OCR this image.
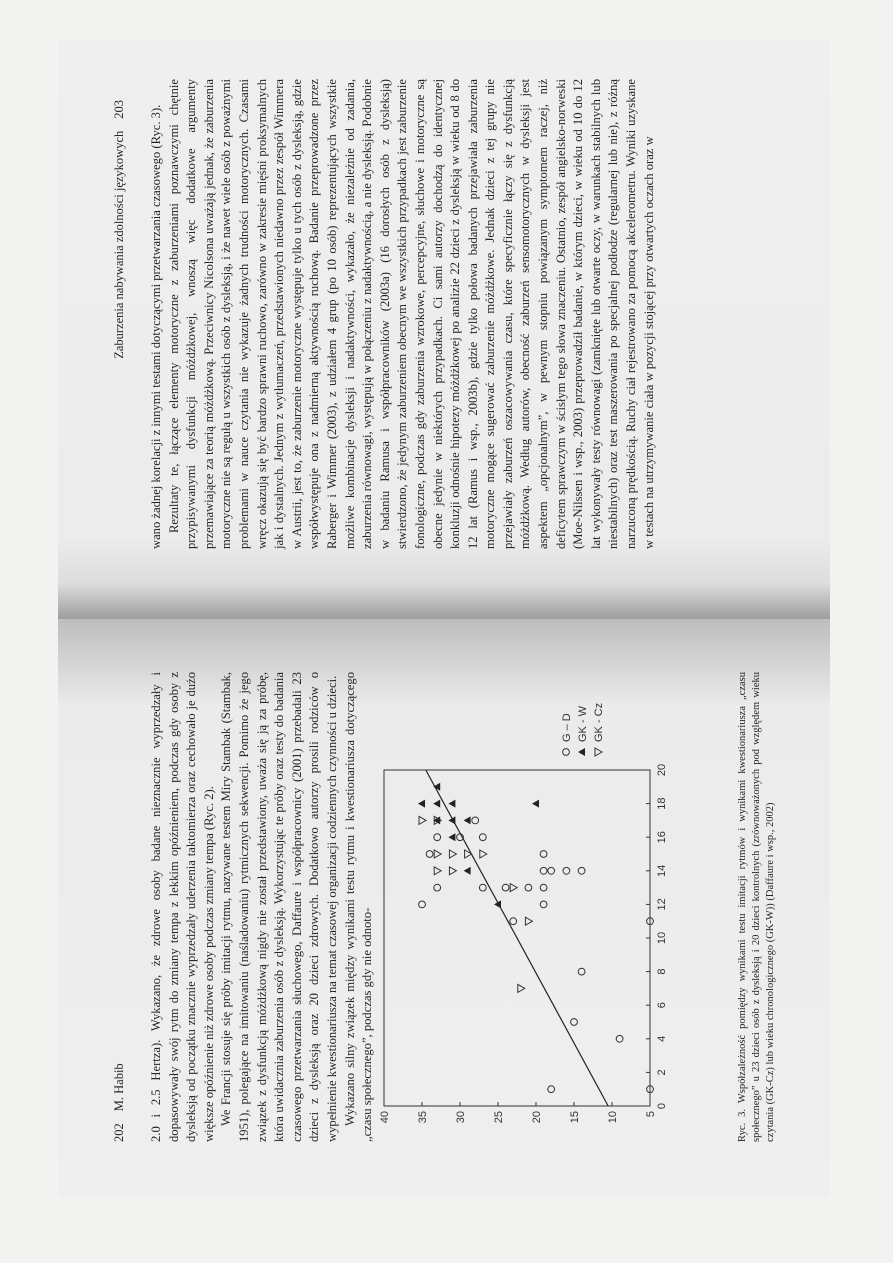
202M. Habib 2.0 i 2.5 Hertza). Wykazano, że zdrowe osoby badane nieznacznie wyprzedzały i dopasowywały swój rytm do zmiany tempa z lekkim opóźnieniem, podczas gdy osoby z dysleksją od początku znacznie wyprzedzały uderzenia taktomierza oraz cechowało je dużo większe opóźnienie niż zdrowe osoby podczas zmiany tempa (Ryc. 2). We Francji stosuje się próby imitacji rytmu, nazywane testem Miry Stambak (Stambak, 1951), polegające na imitowaniu (naśladowaniu) rytmicznych sekwencji. Pomimo że jego związek z dysfunkcją móżdżkową nigdy nie został przedstawiony, uważa się ją za próbę, która uwidacznia zaburzenia osób z dysleksją. Wykorzystując te próby oraz testy do badania czasowego przetwarzania słuchowego, Daffaure i współpracownicy (2001) przebadali 23 dzieci z dysleksją oraz 20 dzieci zdrowych. Dodatkowo autorzy prosili rodziców o wypełnienie kwestionariusza na temat czasowej organizacji codziennych czynności u dzieci. Wykazano silny związek między wynikami testu rytmu i kwestionariusza dotyczącego „czasu społecznego”, podczas gdy nie odnoto-	0
2
4
6
8
10
12
14
16
18
20
5
10
15
20
25
30
35
40
G – D GK - W GK - Cz	Ryc. 3. Współzależność pomiędzy wynikami testu imitacji rytmów i wynikami kwestionariusza „czasu społecznego” u 23 dzieci osób z dysleksją i 20 dzieci kontrolnych (zrównoważonych pod względem wieku czytania (GK-Cz) lub wieku chronologicznego (GK-W)) (Daffaure i wsp., 2002)
Zaburzenia nabywania zdolności językowych203 wano żadnej korelacji z innymi testami dotyczącymi przetwarzania czasowego (Ryc. 3). Rezultaty te, łączące elementy motoryczne z zaburzeniami poznawczymi chętnie przypisywanymi dysfunkcji móżdżkowej, wnoszą więc dodatkowe argumenty przemawiające za teorią móżdżkową. Przeciwnicy Nicolsona uważają jednak, że zaburzenia motoryczne nie są regułą u wszystkich osób z dysleksją, i że nawet wiele osób z poważnymi problemami w nauce czytania nie wykazuje żadnych trudności motorycznych. Czasami wręcz okazują się być bardzo sprawni ruchowo, zarówno w zakresie mięśni proksymalnych jak i dystalnych. Jednym z wytłumaczeń, przedstawionych niedawno przez zespół Wimmera w Austrii, jest to, że zaburzenie motoryczne występuje tylko u tych osób z dysleksją, gdzie współwystępuje ona z nadmierną aktywnością ruchową. Badanie przeprowadzone przez Raberger i Wimmer (2003), z udziałem 4 grup (po 10 osób) reprezentujących wszystkie możliwe kombinacje dysleksji i nadaktywności, wykazało, że niezależnie od zadania, zaburzenia równowagi, występują w połączeniu z nadaktywnością, a nie dysleksją. Podobnie w badaniu Ramusa i współpracowników (2003a) (16 dorosłych osób z dysleksją) stwierdzono, że jedynym zaburzeniem obecnym we wszystkich przypadkach jest zaburzenie fonologiczne, podczas gdy zaburzenia wzrokowe, percepcyjne, słuchowe i motoryczne są obecne jedynie w niektórych przypadkach. Ci sami autorzy dochodzą do identycznej konkluzji odnośnie hipotezy móżdżkowej po analizie 22 dzieci z dysleksją w wieku od 8 do 12 lat (Ramus i wsp., 2003b), gdzie tylko połowa badanych przejawiała zaburzenia motoryczne mogące sugerować zaburzenie móżdżkowe. Jednak dzieci z tej grupy nie przejawiały zaburzeń oszacowywania czasu, które specyficznie łączy się z dysfunkcją móżdżkową. Według autorów, obecność zaburzeń sensomotorycznych w dysleksji jest aspektem „opcjonalnym”, w pewnym stopniu powiązanym symptomem raczej, niż deficytem sprawczym w ścisłym tego słowa znaczeniu. Ostatnio, zespół angielsko-norweski (Moe-Nilssen i wsp., 2003) przeprowadził badanie, w którym dzieci, w wieku od 10 do 12 lat wykonywały testy równowagi (zamknięte lub otwarte oczy, w warunkach stabilnych lub niestabilnych) oraz test maszerowania po specjalnej podłodze (regularnej lub nie), z różną narzuconą prędkością. Ruchy ciał rejestrowano za pomocą akcelerometru. Wyniki uzyskane w testach na utrzymywanie ciała w pozycji stojącej przy otwartych oczach oraz w
